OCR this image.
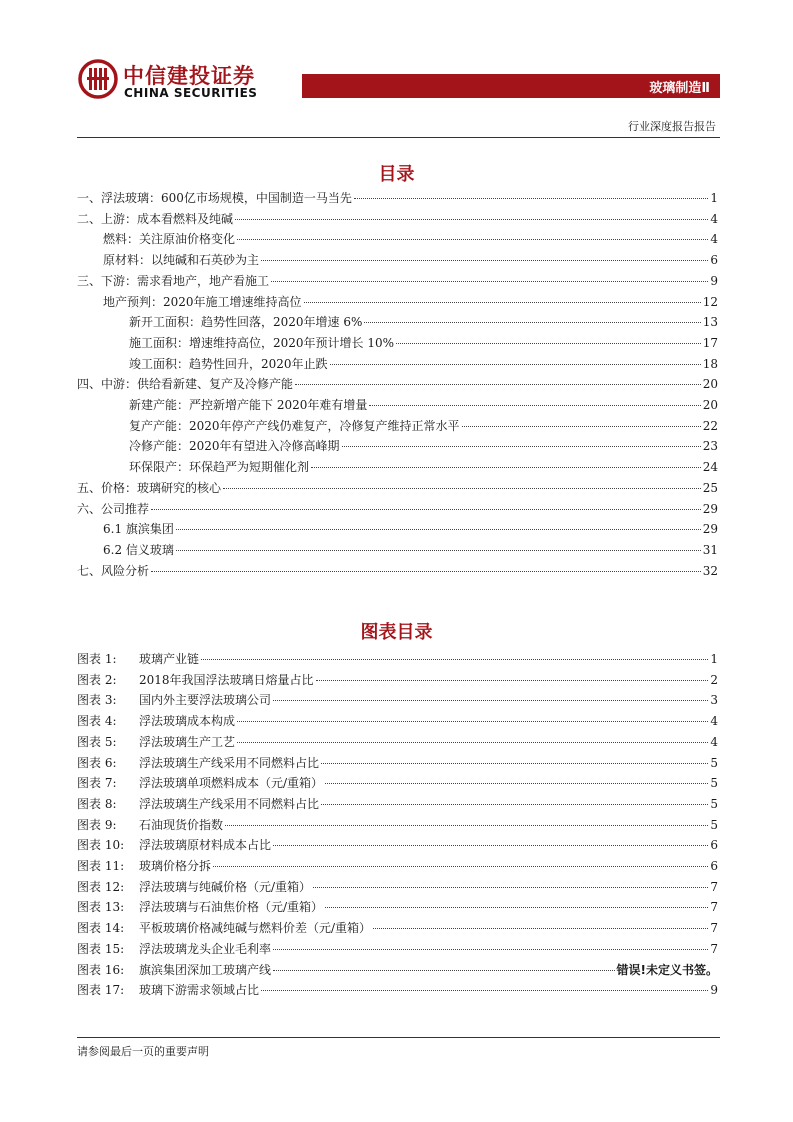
中信建投证券
CHINA SECURITIES	玻璃制造Ⅱ
行业深度报告报告
目录
一、浮法玻璃：600亿市场规模，中国制造一马当先	1
二、上游：成本看燃料及纯碱	4
燃料：关注原油价格变化	4
原材料：以纯碱和石英砂为主	6
三、下游：需求看地产，地产看施工	9
地产预判：2020年施工增速维持高位	12
新开工面积：趋势性回落，2020年增速 6%	13
施工面积：增速维持高位，2020年预计增长 10%	17
竣工面积：趋势性回升，2020年止跌	18
四、中游：供给看新建、复产及冷修产能	20
新建产能：严控新增产能下 2020年难有增量	20
复产产能：2020年停产产线仍难复产，冷修复产维持正常水平	22
冷修产能：2020年有望进入冷修高峰期	23
环保限产：环保趋严为短期催化剂	24
五、价格：玻璃研究的核心	25
六、公司推荐	29
6.1 旗滨集团	29
6.2 信义玻璃	31
七、风险分析	32
图表目录
图表 1:	玻璃产业链	1
图表 2:	2018年我国浮法玻璃日熔量占比	2
图表 3:	国内外主要浮法玻璃公司	3
图表 4:	浮法玻璃成本构成	4
图表 5:	浮法玻璃生产工艺	4
图表 6:	浮法玻璃生产线采用不同燃料占比	5
图表 7:	浮法玻璃单项燃料成本（元/重箱）	5
图表 8:	浮法玻璃生产线采用不同燃料占比	5
图表 9:	石油现货价指数	5
图表 10:	浮法玻璃原材料成本占比	6
图表 11:	玻璃价格分拆	6
图表 12:	浮法玻璃与纯碱价格（元/重箱）	7
图表 13:	浮法玻璃与石油焦价格（元/重箱）	7
图表 14:	平板玻璃价格减纯碱与燃料价差（元/重箱）	7
图表 15:	浮法玻璃龙头企业毛利率	7
图表 16:	旗滨集团深加工玻璃产线	错误!未定义书签。
图表 17:	玻璃下游需求领域占比	9
请参阅最后一页的重要声明
